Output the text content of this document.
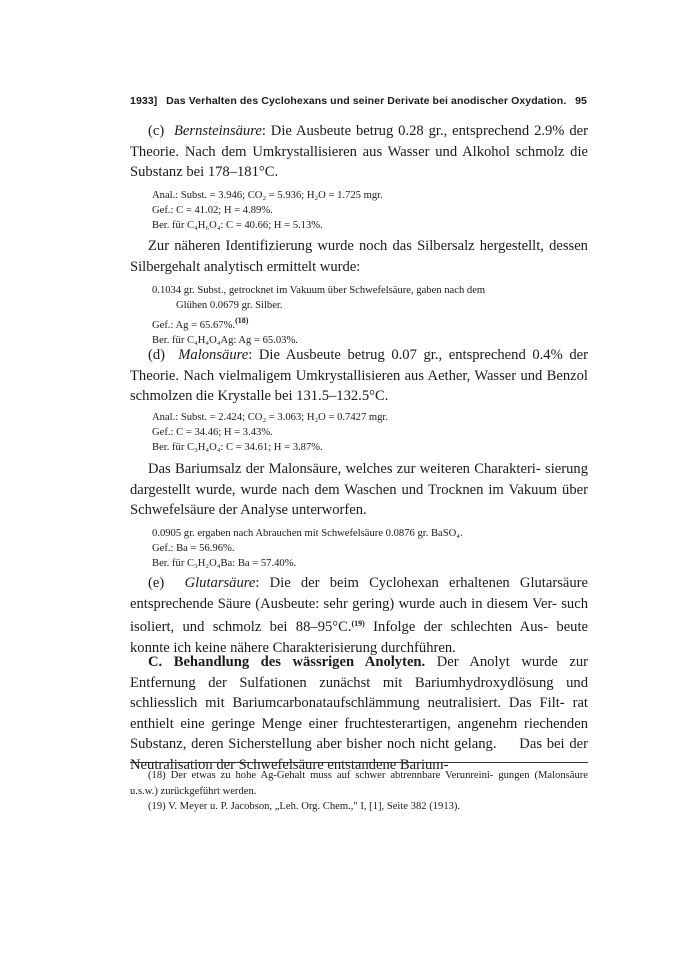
1933] Das Verhalten des Cyclohexans und seiner Derivate bei anodischer Oxydation. 95

(c) Bernsteinsäure: Die Ausbeute betrug 0.28 gr., entsprechend 2.9% der Theorie. Nach dem Umkrystallisieren aus Wasser und Alkohol schmolz die Substanz bei 178–181°C.

Anal.: Subst. = 3.946; CO₂ = 5.936; H₂O = 1.725 mgr.

Gef.: C = 41.02; H = 4.89%.

Ber. für C₄H₆O₄: C = 40.66; H = 5.13%.

Zur näheren Identifizierung wurde noch das Silbersalz hergestellt, dessen Silbergehalt analytisch ermittelt wurde:

0.1034 gr. Subst., getrocknet im Vakuum über Schwefelsäure, gaben nach dem

Glühen 0.0679 gr. Silber.

Gef.: Ag = 65.67%.$^{(18)}$

Ber. für C₄H₄O₄Ag: Ag = 65.03%.

(d) Malonsäure: Die Ausbeute betrug 0.07 gr., entsprechend 0.4% der Theorie. Nach vielmaligem Umkrystallisieren aus Aether, Wasser und Benzol schmolzen die Krystalle bei 131.5–132.5°C.

Anal.: Subst. = 2.424; CO₂ = 3.063; H₂O = 0.7427 mgr.

Gef.: C = 34.46; H = 3.43%.

Ber. für C₃H₄O₄: C = 34.61; H = 3.87%.

Das Bariumsalz der Malonsäure, welches zur weiteren Charakteri- sierung dargestellt wurde, wurde nach dem Waschen und Trocknen im Vakuum über Schwefelsäure der Analyse unterworfen.

0.0905 gr. ergaben nach Abrauchen mit Schwefelsäure 0.0876 gr. BaSO₄.

Gef.: Ba = 56.96%.

Ber. für C₃H₂O₄Ba: Ba = 57.40%.

(e) Glutarsäure: Die der beim Cyclohexan erhaltenen Glutarsäure entsprechende Säure (Ausbeute: sehr gering) wurde auch in diesem Ver- such isoliert, und schmolz bei 88–95°C.$^{(19)}$ Infolge der schlechten Aus- beute konnte ich keine nähere Charakterisierung durchführen.

C. Behandlung des wässrigen Anolyten. Der Anolyt wurde zur Entfernung der Sulfationen zunächst mit Bariumhydroxydlösung und schliesslich mit Bariumcarbonataufschlämmung neutralisiert. Das Filt- rat enthielt eine geringe Menge einer fruchtesterartigen, angenehm riechenden Substanz, deren Sicherstellung aber bisher noch nicht gelang. Das bei der Neutralisation der Schwefelsäure entstandene Barium-

(18) Der etwas zu hohe Ag-Gehalt muss auf schwer abtrennbare Verunreini- gungen (Malonsäure u.s.w.) zurückgeführt werden.

(19) V. Meyer u. P. Jacobson, „Leh. Org. Chem.," I, [1], Seite 382 (1913).
